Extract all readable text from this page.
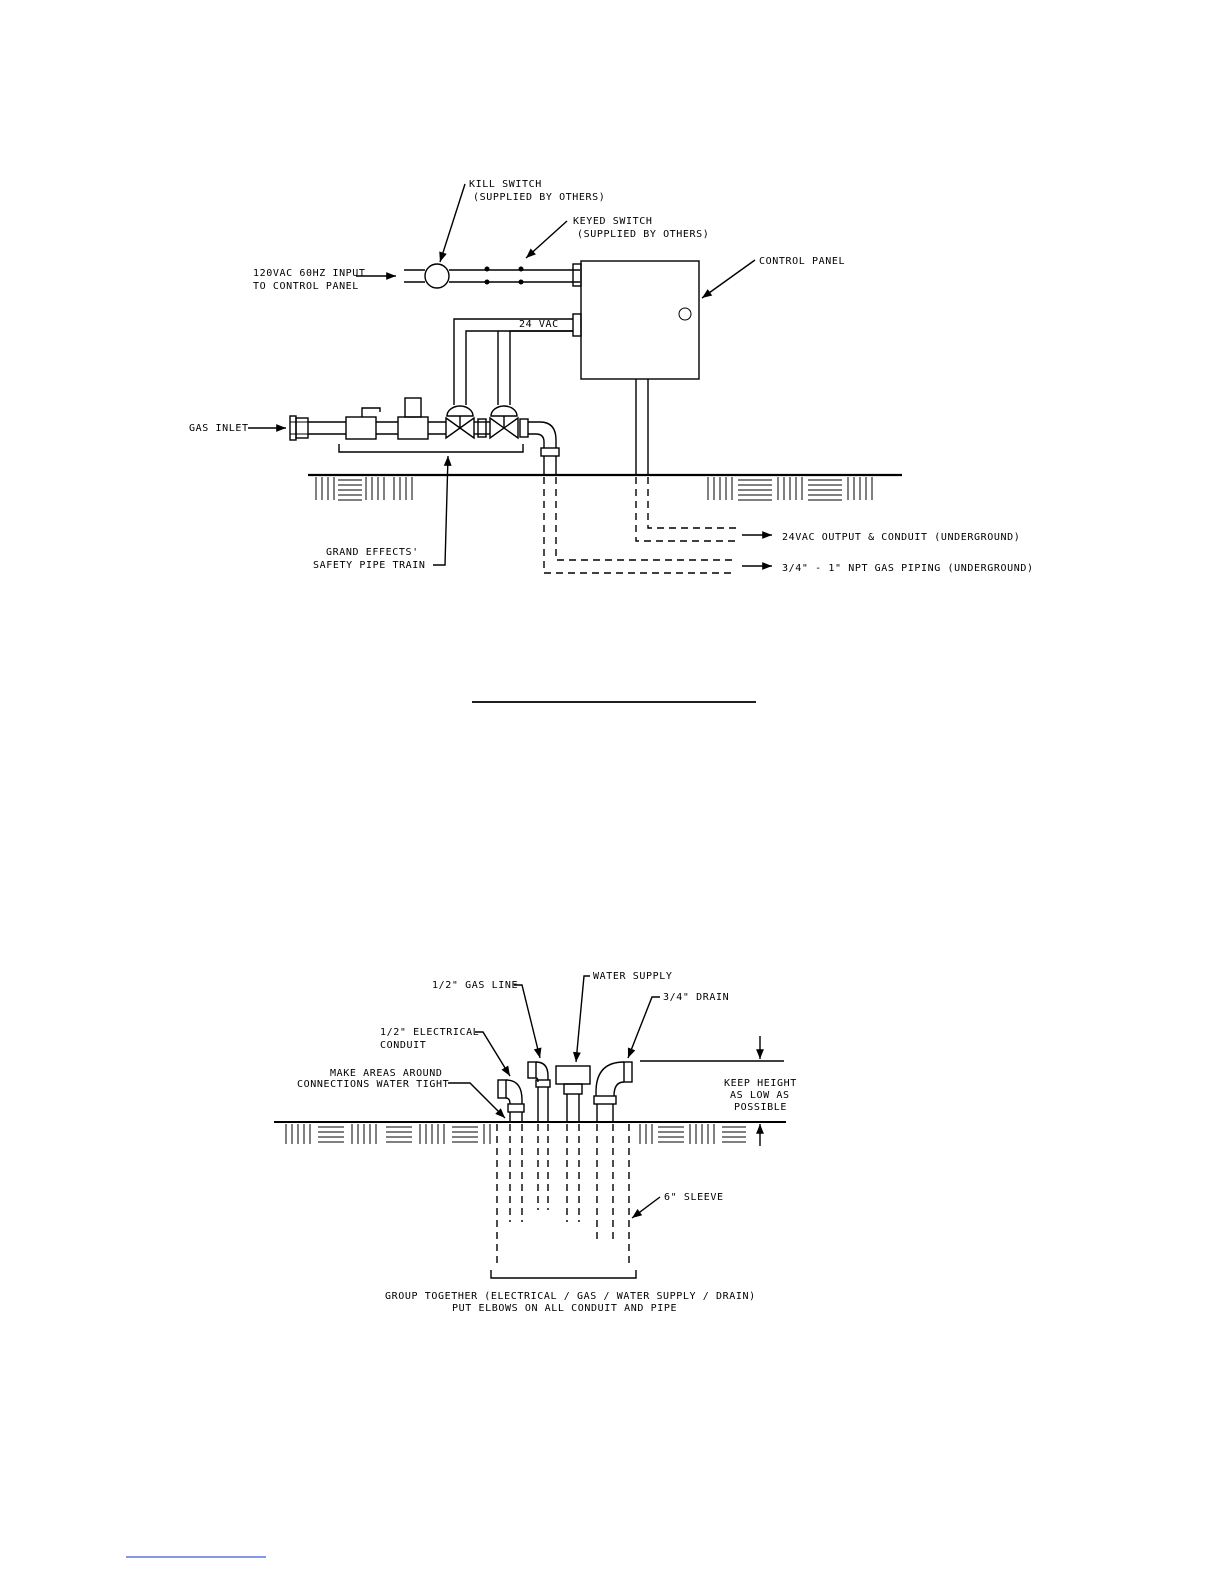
KILL SWITCH
(SUPPLIED BY OTHERS)
KEYED SWITCH
(SUPPLIED BY OTHERS)
120VAC 60HZ INPUT
TO CONTROL PANEL
CONTROL PANEL
24 VAC
GAS INLET
GRAND EFFECTS'
SAFETY PIPE TRAIN
24VAC OUTPUT & CONDUIT (UNDERGROUND)
3/4" - 1" NPT GAS PIPING (UNDERGROUND)
1/2" GAS LINE
WATER SUPPLY
3/4" DRAIN
1/2" ELECTRICAL
CONDUIT
MAKE AREAS AROUND
CONNECTIONS WATER TIGHT	KEEP HEIGHT
AS LOW AS
POSSIBLE
6" SLEEVE
GROUP TOGETHER (ELECTRICAL / GAS / WATER SUPPLY / DRAIN)
PUT ELBOWS ON ALL CONDUIT AND PIPE
